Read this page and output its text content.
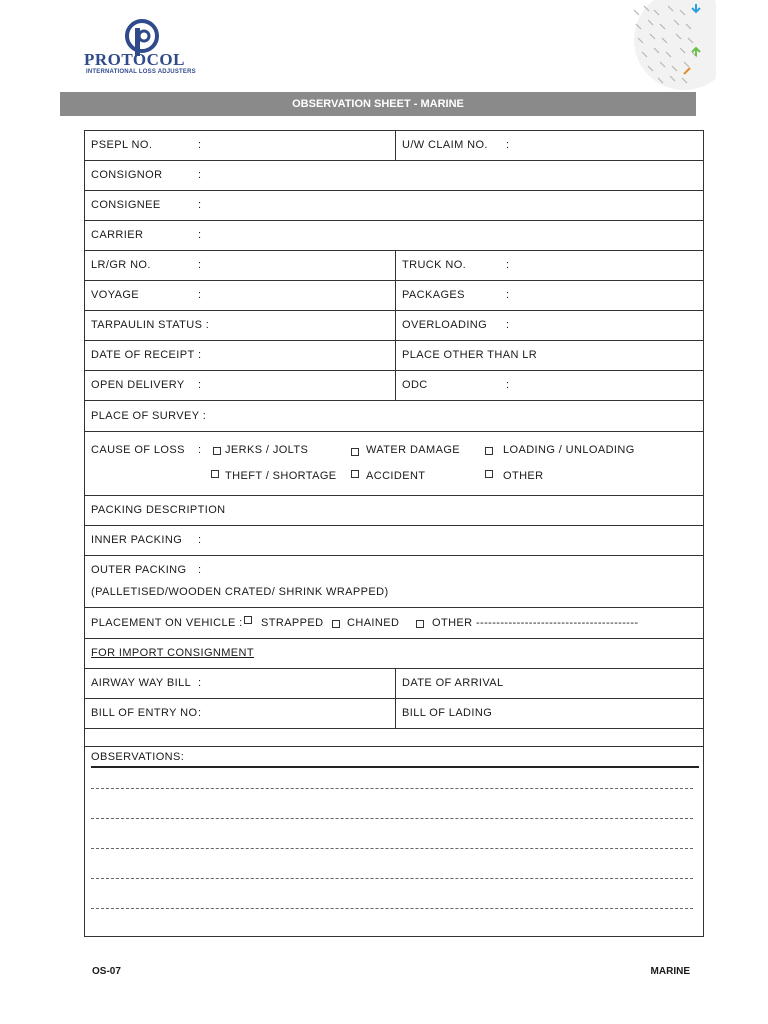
PROTOCOL
INTERNATIONAL LOSS ADJUSTERS
OBSERVATION SHEET - MARINE
PSEPL NO.	:	U/W CLAIM NO.	:
CONSIGNOR	:
CONSIGNEE	:
CARRIER	:
LR/GR NO.	:	TRUCK NO.	:
VOYAGE	:	PACKAGES	:
TARPAULIN STATUS :	OVERLOADING	:
DATE OF RECEIPT :	PLACE OTHER THAN LR
OPEN DELIVERY	:	ODC	:
PLACE OF SURVEY :
CAUSE OF LOSS : JERKS / JOLTS	WATER DAMAGE	LOADING / UNLOADING
THEFT / SHORTAGE	ACCIDENT	OTHER
PACKING DESCRIPTION
INNER PACKING	:
OUTER PACKING :
(PALLETISED/WOODEN CRATED/ SHRINK WRAPPED)
PLACEMENT ON VEHICLE : STRAPPED CHAINED	OTHER ----------------------------------------
FOR IMPORT CONSIGNMENT
AIRWAY WAY BILL :	DATE OF ARRIVAL
BILL OF ENTRY NO :	BILL OF LADING
OBSERVATIONS:
OS-07	MARINE
